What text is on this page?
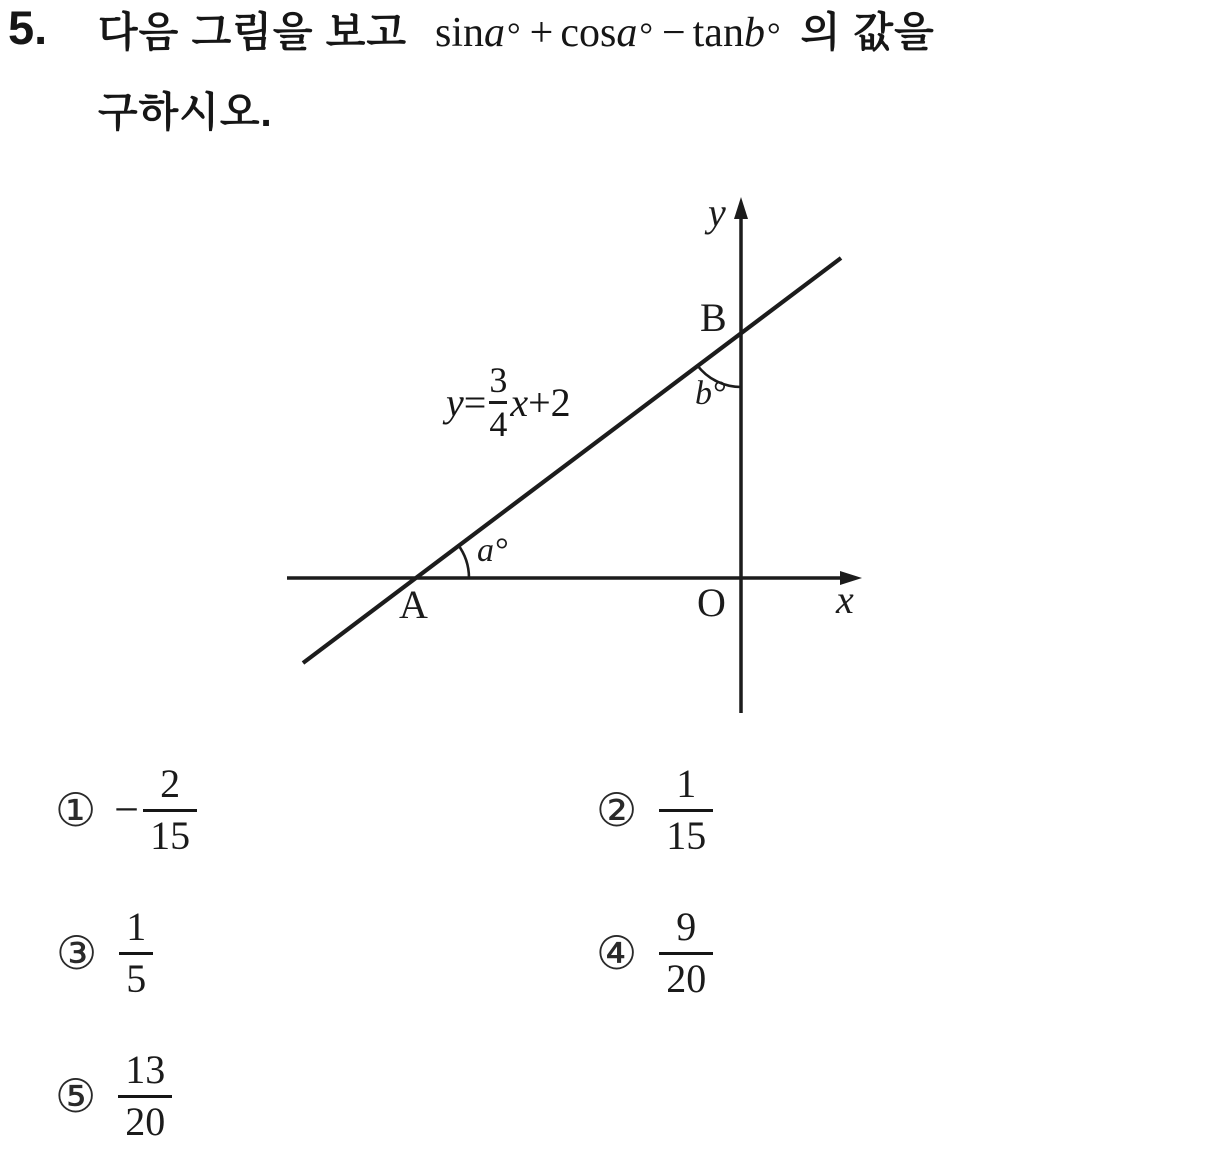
5. 다음 그림을 보고 sin a ° + cos a ° − tan b ° 의 값을
구하시오.
y
x
O
A
B
a°
b°
$y = \frac{3}{4}$ x +2
① − $\frac{2}{15}$	② $\frac{1}{15}$
③ $\frac{1}{5}$	④ $\frac{9}{20}$
⑤ $\frac{13}{20}$
